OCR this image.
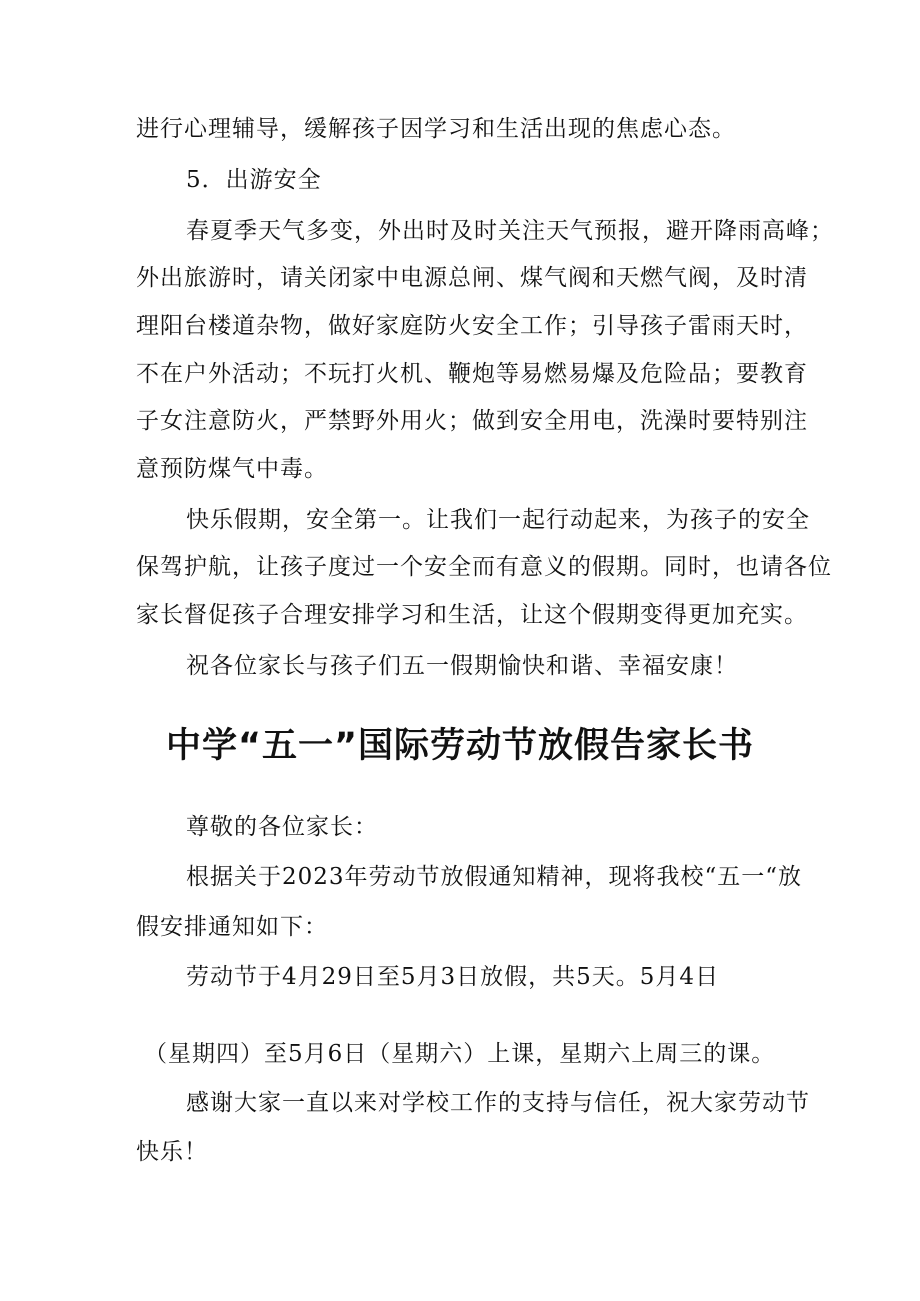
进行心理辅导，缓解孩子因学习和生活出现的焦虑心态。
5．出游安全
春夏季天气多变，外出时及时关注天气预报，避开降雨高峰；
外出旅游时，请关闭家中电源总闸、煤气阀和天燃气阀，及时清
理阳台楼道杂物，做好家庭防火安全工作；引导孩子雷雨天时，
不在户外活动；不玩打火机、鞭炮等易燃易爆及危险品；要教育
子女注意防火，严禁野外用火；做到安全用电，洗澡时要特别注
意预防煤气中毒。
快乐假期，安全第一。让我们一起行动起来，为孩子的安全
保驾护航，让孩子度过一个安全而有意义的假期。同时，也请各位
家长督促孩子合理安排学习和生活，让这个假期变得更加充实。
祝各位家长与孩子们五一假期愉快和谐、幸福安康！
中学“五一”国际劳动节放假告家长书
尊敬的各位家长：
根据关于2023年劳动节放假通知精神，现将我校“五一“放
假安排通知如下：
劳动节于4月29日至5月3日放假，共5天。5月4日
（星期四）至5月6日（星期六）上课，星期六上周三的课。
感谢大家一直以来对学校工作的支持与信任，祝大家劳动节
快乐！
